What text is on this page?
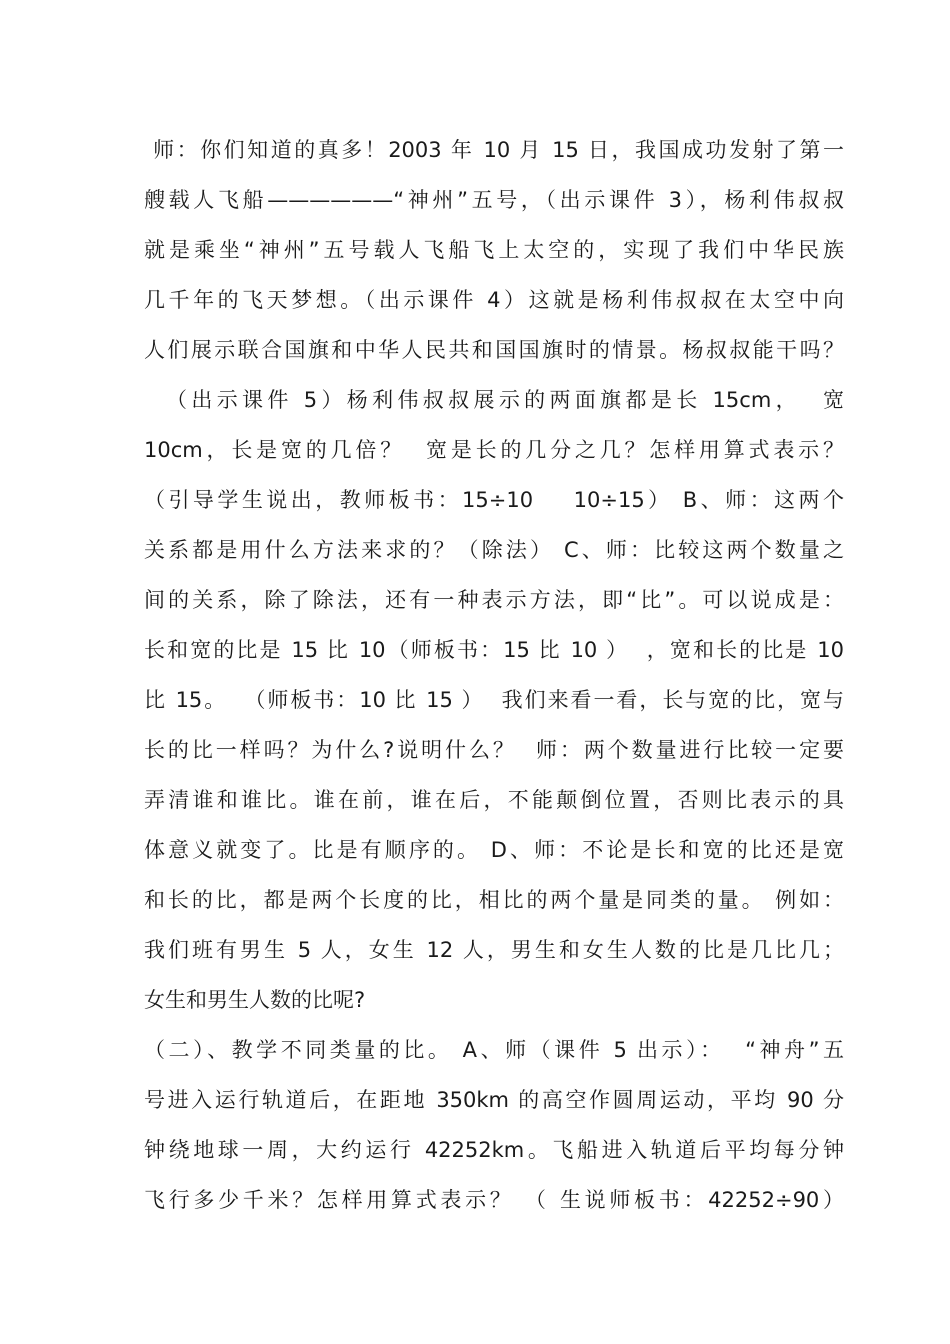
师：你们知道的真多！2003 年 10 月 15 日，我国成功发射了第一
艘载人飞船——————“神州”五号，（出示课件 3），杨利伟叔叔
就是乘坐“神州”五号载人飞船飞上太空的，实现了我们中华民族
几千年的飞天梦想。（出示课件 4）这就是杨利伟叔叔在太空中向
人们展示联合国旗和中华人民共和国国旗时的情景。杨叔叔能干吗？
（出示课件 5）杨利伟叔叔展示的两面旗都是长 15cm，  宽
10cm，长是宽的几倍？  宽是长的几分之几？怎样用算式表示？
（引导学生说出，教师板书：15÷10    10÷15） B、师：这两个
关系都是用什么方法来求的？（除法） C、师：比较这两个数量之
间的关系，除了除法，还有一种表示方法，即“比”。可以说成是：
长和宽的比是 15 比 10（师板书：15 比 10 ）  ，宽和长的比是 10
比 15。  （师板书：10 比 15 ）  我们来看一看，长与宽的比，宽与
长的比一样吗？为什么?说明什么？  师：两个数量进行比较一定要
弄清谁和谁比。谁在前，谁在后，不能颠倒位置，否则比表示的具
体意义就变了。比是有顺序的。 D、师：不论是长和宽的比还是宽
和长的比，都是两个长度的比，相比的两个量是同类的量。 例如：
我们班有男生 5 人，女生 12 人，男生和女生人数的比是几比几；
女生和男生人数的比呢?
（二）、教学不同类量的比。 A、师（课件 5 出示）：  “神舟”五
号进入运行轨道后，在距地 350km 的高空作圆周运动，平均 90 分
钟绕地球一周，大约运行 42252km。飞船进入轨道后平均每分钟
飞行多少千米？怎样用算式表示？ （ 生说师板书：42252÷90）
